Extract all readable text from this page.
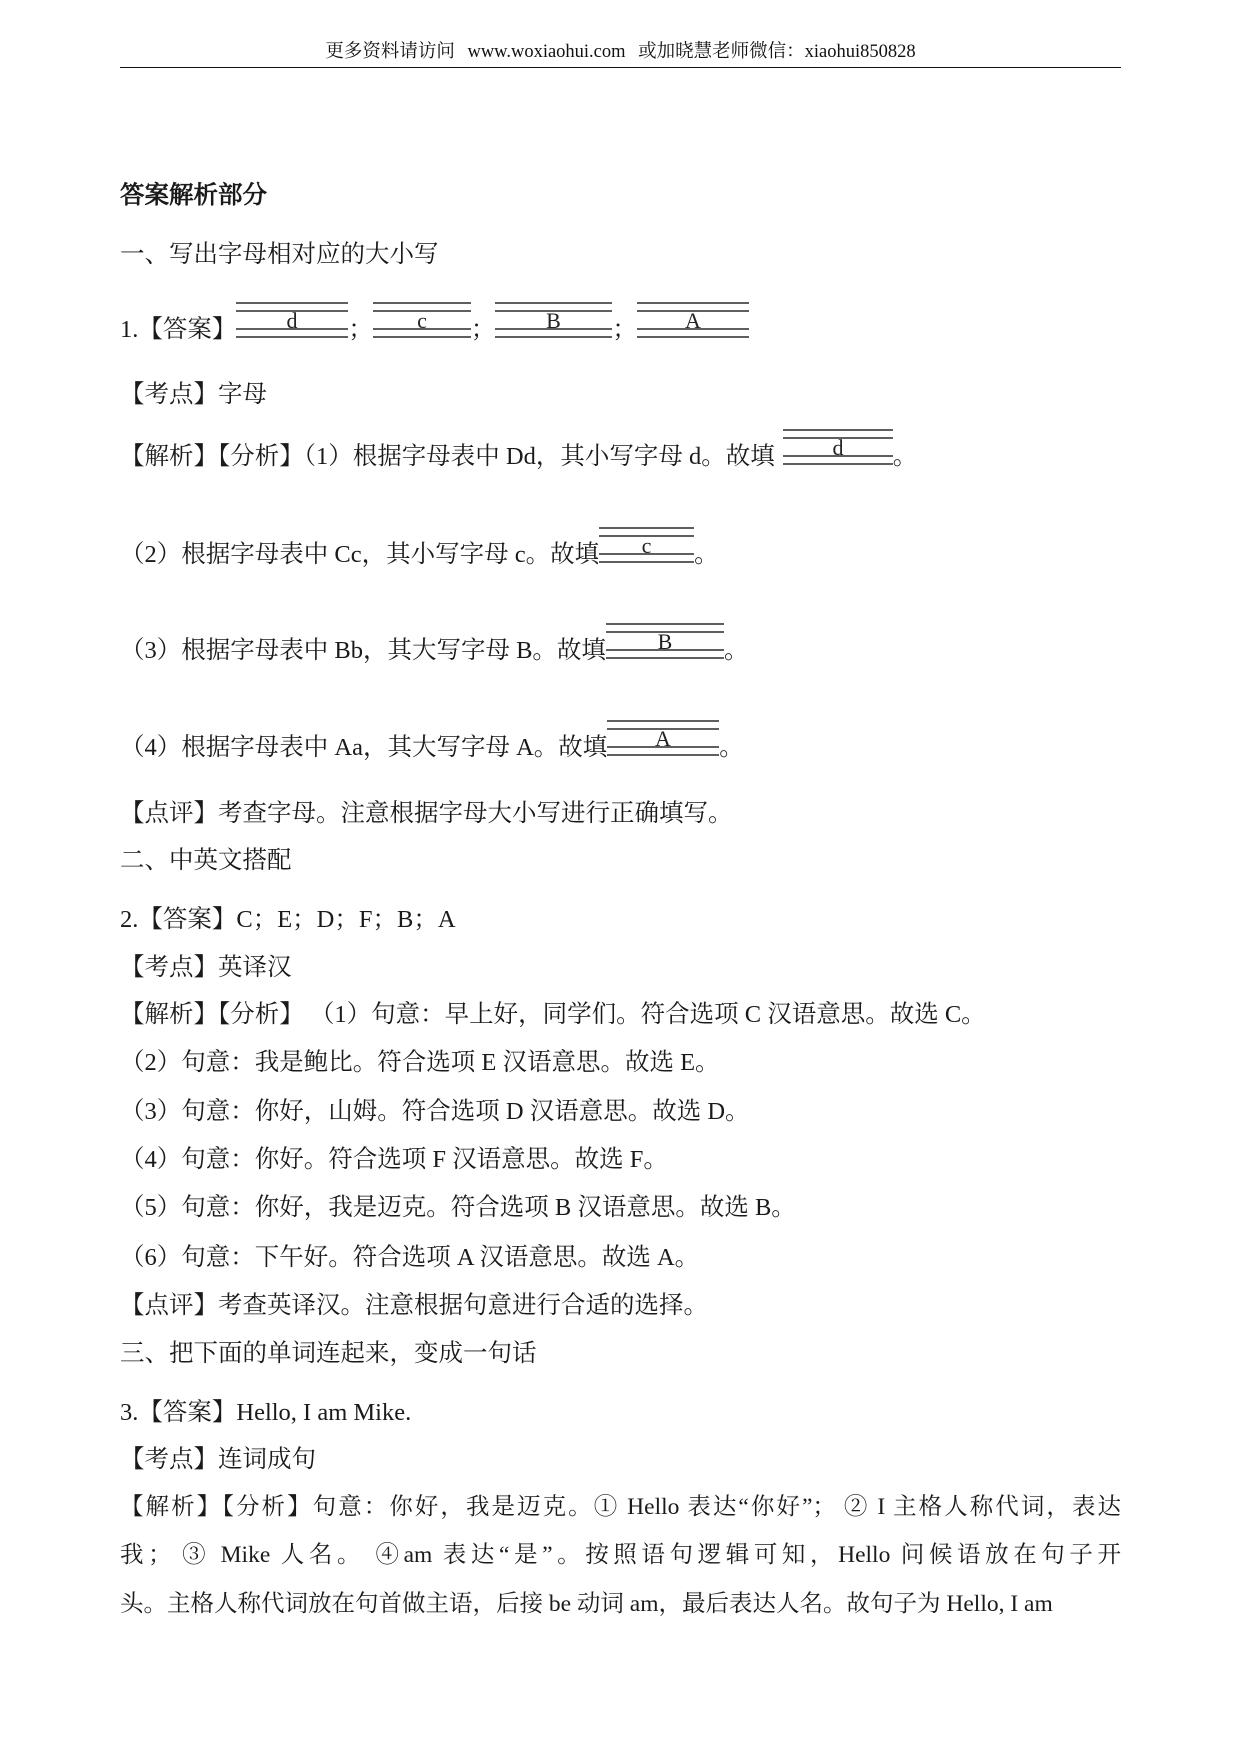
更多资料请访问 www.woxiaohui.com 或加晓慧老师微信：xiaohui850828
答案解析部分
一、写出字母相对应的大小写
1.【答案】 d ； c ； B ； A
【考点】字母
【解析】【分析】（1）根据字母表中 Dd，其小写字母 d。故填	d 。
（2）根据字母表中 Cc，其小写字母 c。故填 c 。
（3）根据字母表中 Bb，其大写字母 B。故填 B 。
（4）根据字母表中 Aa，其大写字母 A。故填 A 。
【点评】考查字母。注意根据字母大小写进行正确填写。
二、中英文搭配
2.【答案】C；E；D；F；B；A
【考点】英译汉
【解析】【分析】 （1）句意：早上好，同学们。符合选项 C 汉语意思。故选 C。
（2）句意：我是鲍比。符合选项 E 汉语意思。故选 E。
（3）句意：你好，山姆。符合选项 D 汉语意思。故选 D。
（4）句意：你好。符合选项 F 汉语意思。故选 F。
（5）句意：你好，我是迈克。符合选项 B 汉语意思。故选 B。
（6）句意：下午好。符合选项 A 汉语意思。故选 A。
【点评】考查英译汉。注意根据句意进行合适的选择。
三、把下面的单词连起来，变成一句话
3.【答案】Hello, I am Mike.
【考点】连词成句
【解析】【分析】句意：你好，我是迈克。① Hello 表达“你好”； ② I 主格人称代词，表达
我； ③ Mike 人名。 ④am 表达“是”。按照语句逻辑可知，Hello 问候语放在句子开
头。主格人称代词放在句首做主语，后接 be 动词 am，最后表达人名。故句子为 Hello, I am
